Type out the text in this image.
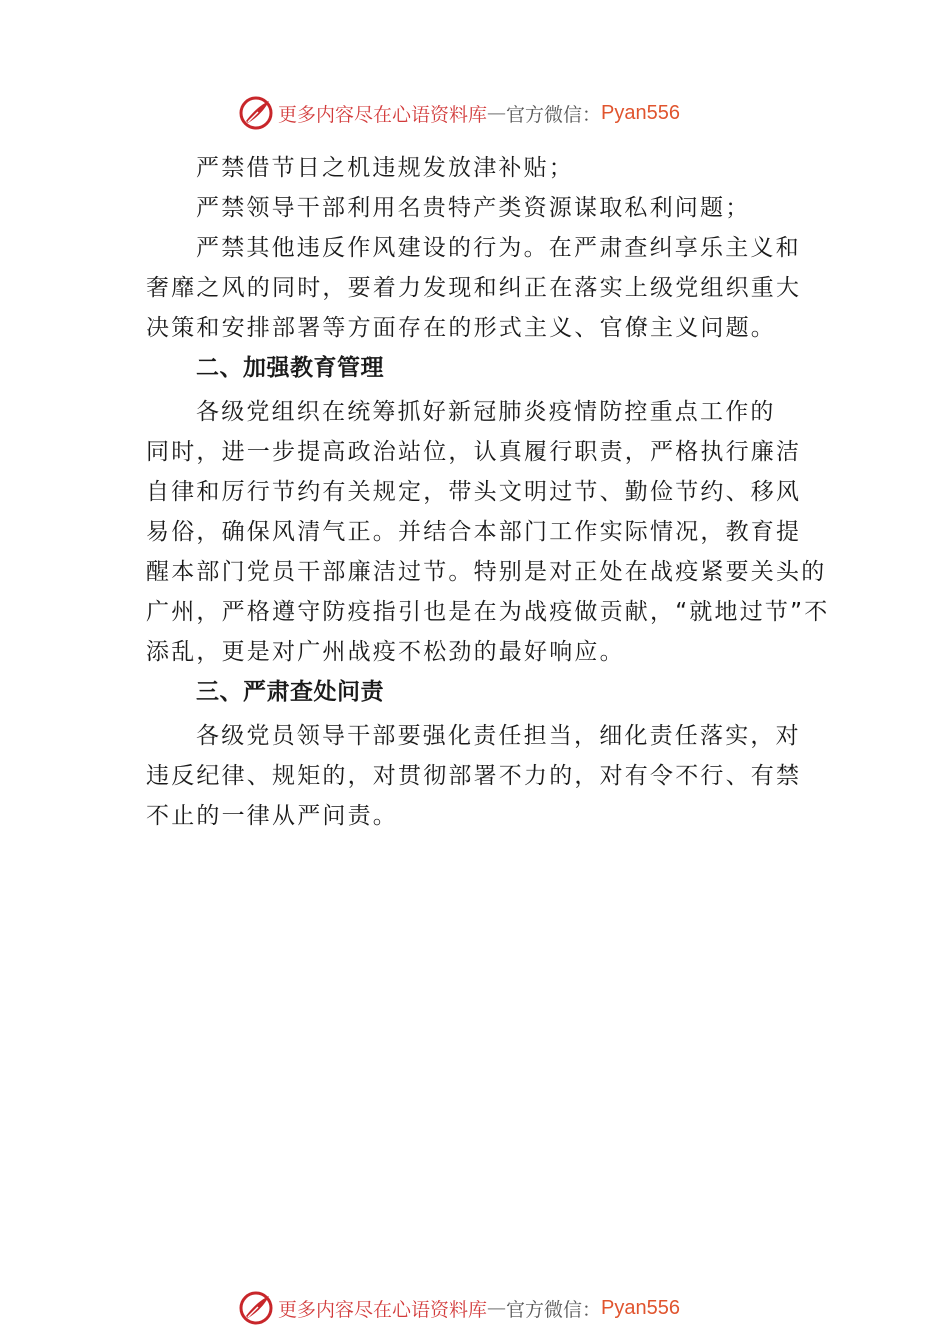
更多内容尽在心语资料库 — 官方微信： Pyan556
严禁借节日之机违规发放津补贴；
严禁领导干部利用名贵特产类资源谋取私利问题；
严禁其他违反作风建设的行为。在严肃查纠享乐主义和
奢靡之风的同时，要着力发现和纠正在落实上级党组织重大
决策和安排部署等方面存在的形式主义、官僚主义问题。
二、加强教育管理
各级党组织在统筹抓好新冠肺炎疫情防控重点工作的
同时，进一步提高政治站位，认真履行职责，严格执行廉洁
自律和厉行节约有关规定，带头文明过节、勤俭节约、移风
易俗，确保风清气正。并结合本部门工作实际情况，教育提
醒本部门党员干部廉洁过节。特别是对正处在战疫紧要关头的
广州，严格遵守防疫指引也是在为战疫做贡献，“就地过节”不
添乱，更是对广州战疫不松劲的最好响应。
三、严肃查处问责
各级党员领导干部要强化责任担当，细化责任落实，对
违反纪律、规矩的，对贯彻部署不力的，对有令不行、有禁
不止的一律从严问责。
更多内容尽在心语资料库 — 官方微信： Pyan556
